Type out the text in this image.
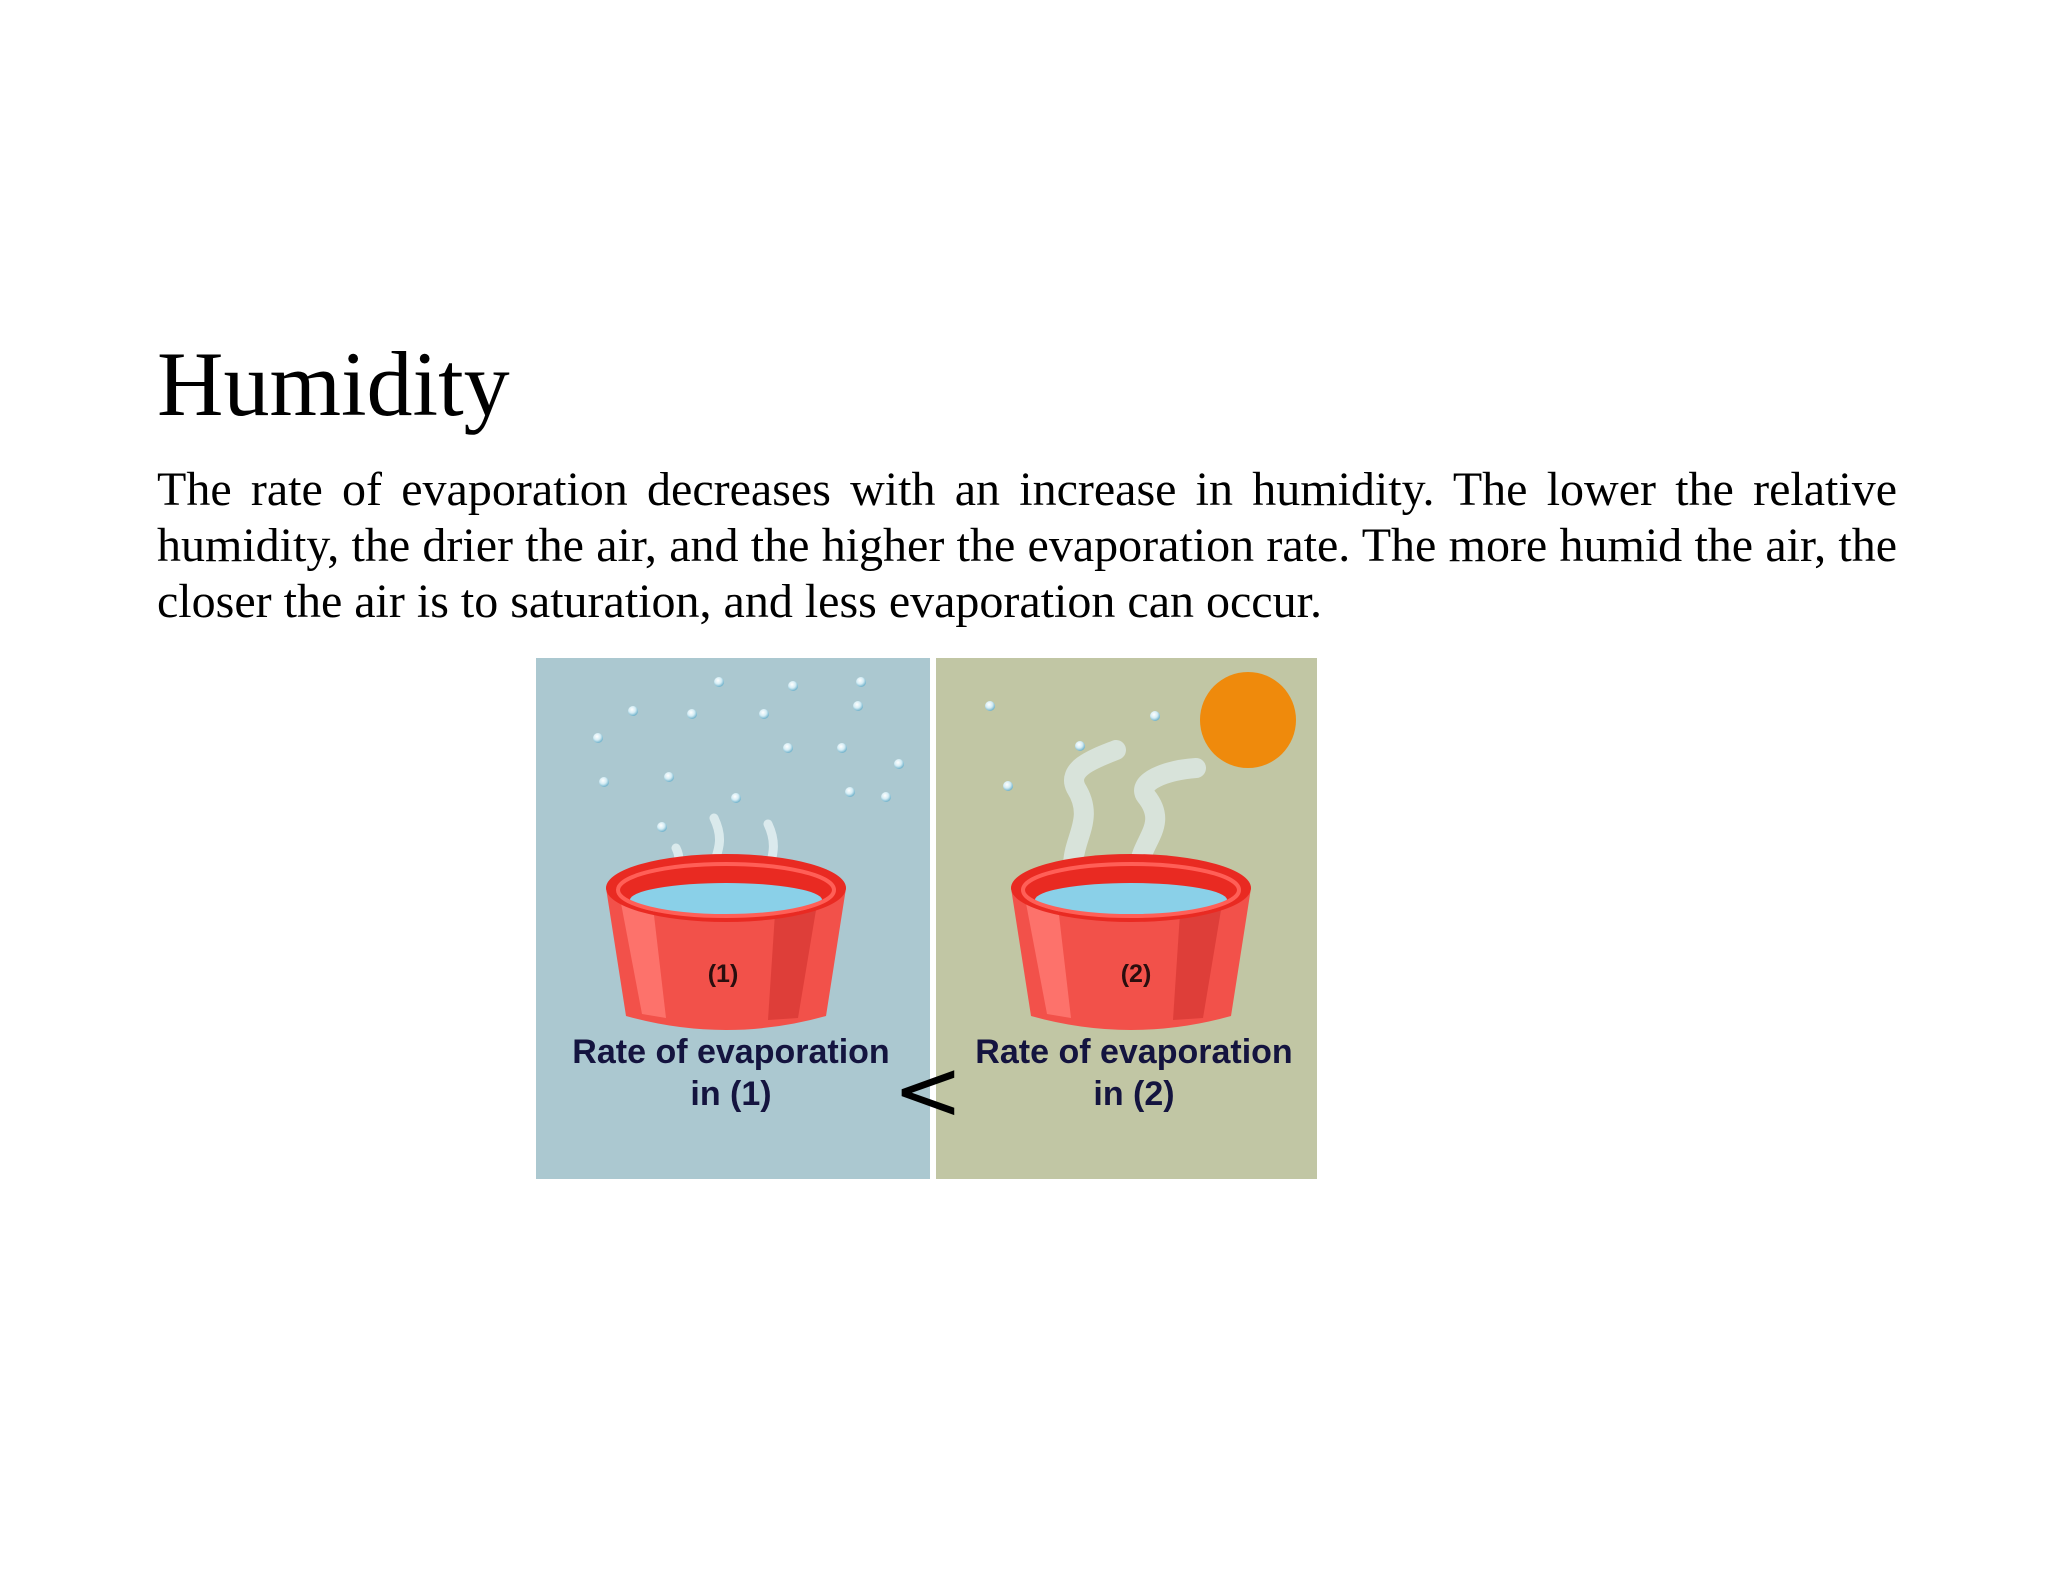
Humidity

The rate of evaporation decreases with an increase in humidity. The lower the relative humidity, the drier the air, and the higher the evaporation rate. The more humid the air, the closer the air is to saturation, and less evaporation can occur.

(1)	(2)
Rate of evaporation
in (1)
Rate of evaporation
in (2)
<
